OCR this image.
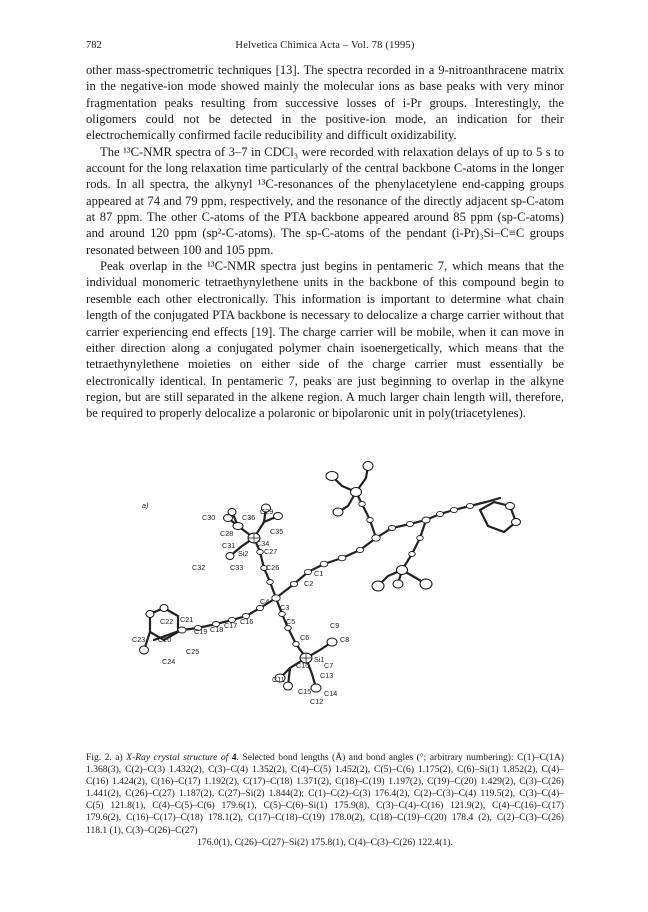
782	Helvetica Chimica Acta – Vol. 78 (1995)

other mass-spectrometric techniques [13]. The spectra recorded in a 9-nitroanthracene matrix in the negative-ion mode showed mainly the molecular ions as base peaks with very minor fragmentation peaks resulting from successive losses of i-Pr groups. Interestingly, the oligomers could not be detected in the positive-ion mode, an indication for their electrochemically confirmed facile reducibility and difficult oxidizability.

The ¹³C-NMR spectra of 3–7 in CDCl₃ were recorded with relaxation delays of up to 5 s to account for the long relaxation time particularly of the central backbone C-atoms in the longer rods. In all spectra, the alkynyl ¹³C-resonances of the phenylacetylene end-capping groups appeared at 74 and 79 ppm, respectively, and the resonance of the directly adjacent sp-C-atom at 87 ppm. The other C-atoms of the PTA backbone appeared around 85 ppm (sp-C-atoms) and around 120 ppm (sp²-C-atoms). The sp-C-atoms of the pendant (i-Pr)₃Si–C≡C groups resonated between 100 and 105 ppm.

Peak overlap in the ¹³C-NMR spectra just begins in pentameric 7, which means that the individual monomeric tetraethynylethene units in the backbone of this compound begin to resemble each other electronically. This information is important to determine what chain length of the conjugated PTA backbone is necessary to delocalize a charge carrier without that carrier experiencing end effects [19]. The charge carrier will be mobile, when it can move in either direction along a conjugated polymer chain isoenergetically, which means that the tetraethynylethene moieties on either side of the charge carrier must essentially be electronically identical. In pentameric 7, peaks are just beginning to overlap in the alkyne region, but are still separated in the alkene region. A much larger chain length will, therefore, be required to properly delocalize a polaronic or bipolaronic unit in poly(triacetylenes).

a)
C30	C36
C29
C35
C28
C31	C34
Si2 C27
C32	C33	C26
C2
C1
C4
C3
C22 C21
C19 C18 C17 C16	C5	C9
C23 C20	C6	C8
C25
Si1
C10 C7
C24
C13
C11
C15 C14
C12
Fig. 2. a) X-Ray crystal structure of 4. Selected bond lengths (Å) and bond angles (°; arbitrary numbering): C(1)–C(1A) 1.368(3), C(2)–C(3) 1.432(2), C(3)–C(4) 1.352(2), C(4)–C(5) 1.452(2), C(5)–C(6) 1.175(2), C(6)–Si(1) 1.852(2), C(4)–C(16) 1.424(2), C(16)–C(17) 1.192(2), C(17)–C(18) 1.371(2), C(18)–C(19) 1.197(2), C(19)–C(20) 1.429(2), C(3)–C(26) 1.441(2), C(26)–C(27) 1.187(2), C(27)–Si(2) 1.844(2); C(1)–C(2)–C(3) 176.4(2), C(2)–C(3)–C(4) 119.5(2), C(3)–C(4)–C(5) 121.8(1), C(4)–C(5)–C(6) 179.6(1), C(5)–C(6)–Si(1) 175.9(8), C(3)–C(4)–C(16) 121.9(2), C(4)–C(16)–C(17) 179.6(2), C(16)–C(17)–C(18) 178.1(2), C(17)–C(18)–C(19) 178.0(2), C(18)–C(19)–C(20) 178.4 (2), C(2)–C(3)–C(26) 118.1 (1), C(3)–C(26)–C(27)
176.0(1), C(26)–C(27)–Si(2) 175.8(1), C(4)–C(3)–C(26) 122.4(1).
